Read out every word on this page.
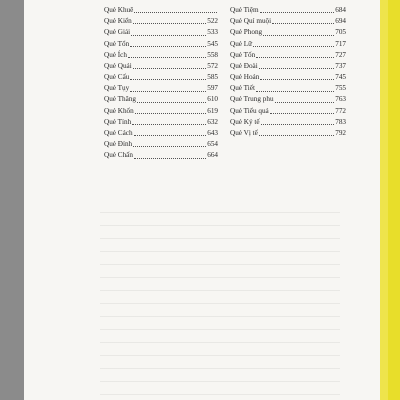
Quẻ Khuê
Quẻ Kiển	522
Quẻ Giải	533
Quẻ Tổn	545
Quẻ Ích	558
Quẻ Quải	572
Quẻ Cấu	585
Quẻ Tụy	597
Quẻ Thăng	610
Quẻ Khốn	619
Quẻ Tỉnh	632
Quẻ Cách	643
Quẻ Đỉnh	654
Quẻ Chấn	664
Quẻ Tiệm	684
Quẻ Quí muội	694
Quẻ Phong	705
Quẻ Lữ	717
Quẻ Tốn	727
Quẻ Đoài	737
Quẻ Hoán	745
Quẻ Tiết	755
Quẻ Trung phu	763
Quẻ Tiểu quá	772
Quẻ Ký tế	783
Quẻ Vị tế	792
